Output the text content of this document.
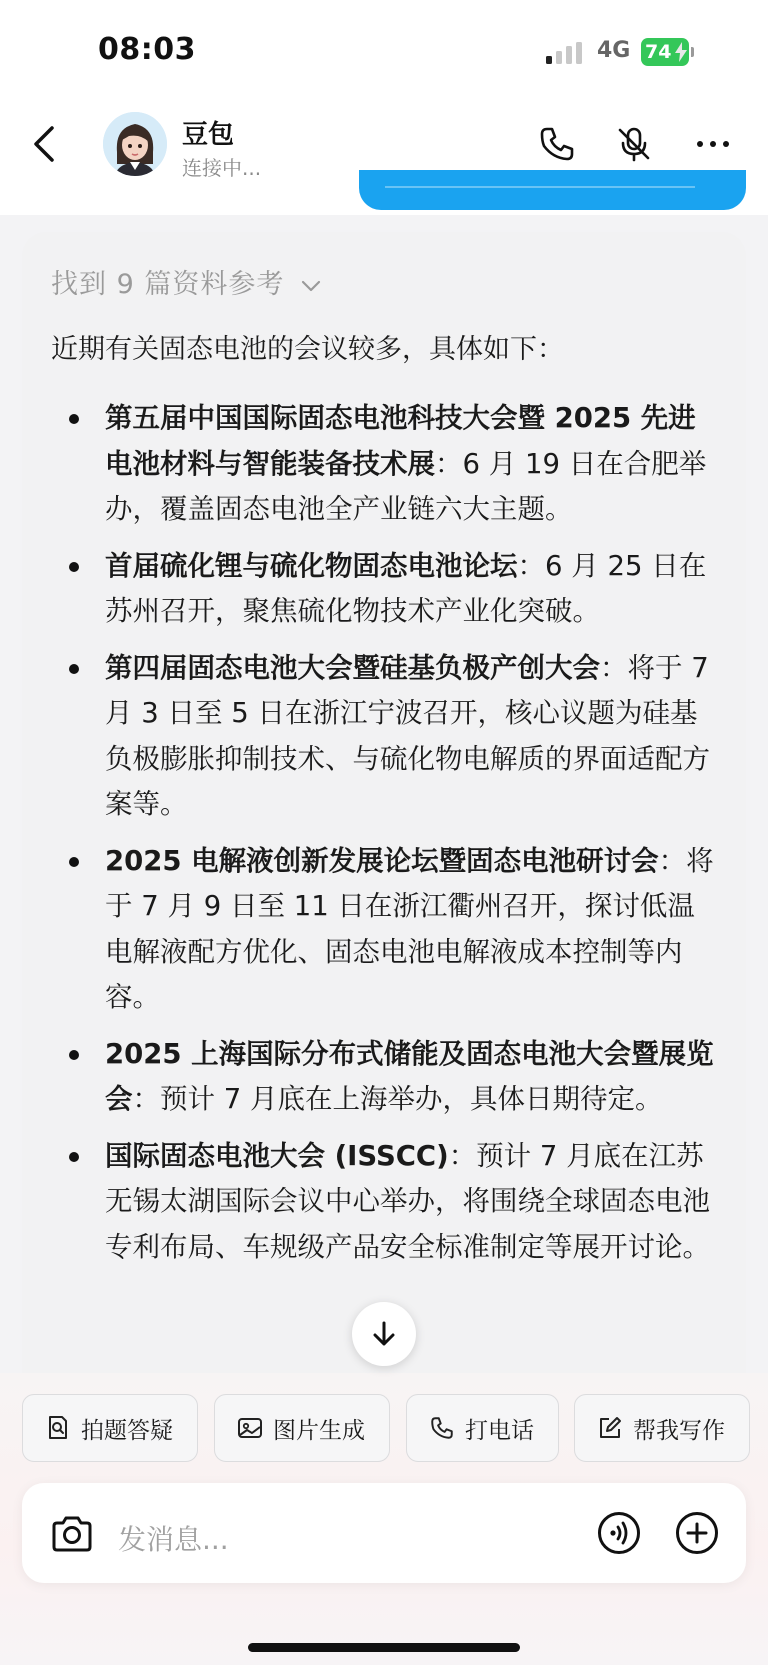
08:03	4G 74
豆包
连接中...
找到 9 篇资料参考
近期有关固态电池的会议较多，具体如下：
第五届中国国际固态电池科技大会暨 2025 先进电池材料与智能装备技术展：6 月 19 日在合肥举办，覆盖固态电池全产业链六大主题。
首届硫化锂与硫化物固态电池论坛：6 月 25 日在苏州召开，聚焦硫化物技术产业化突破。
第四届固态电池大会暨硅基负极产创大会：将于 7 月 3 日至 5 日在浙江宁波召开，核心议题为硅基负极膨胀抑制技术、与硫化物电解质的界面适配方案等。
2025 电解液创新发展论坛暨固态电池研讨会：将于 7 月 9 日至 11 日在浙江衢州召开，探讨低温电解液配方优化、固态电池电解液成本控制等内容。
2025 上海国际分布式储能及固态电池大会暨展览会：预计 7 月底在上海举办，具体日期待定。
国际固态电池大会 (ISSCC)：预计 7 月底在江苏无锡太湖国际会议中心举办，将围绕全球固态电池专利布局、车规级产品安全标准制定等展开讨论。
拍题答疑	图片生成	打电话	帮我写作
发消息...
